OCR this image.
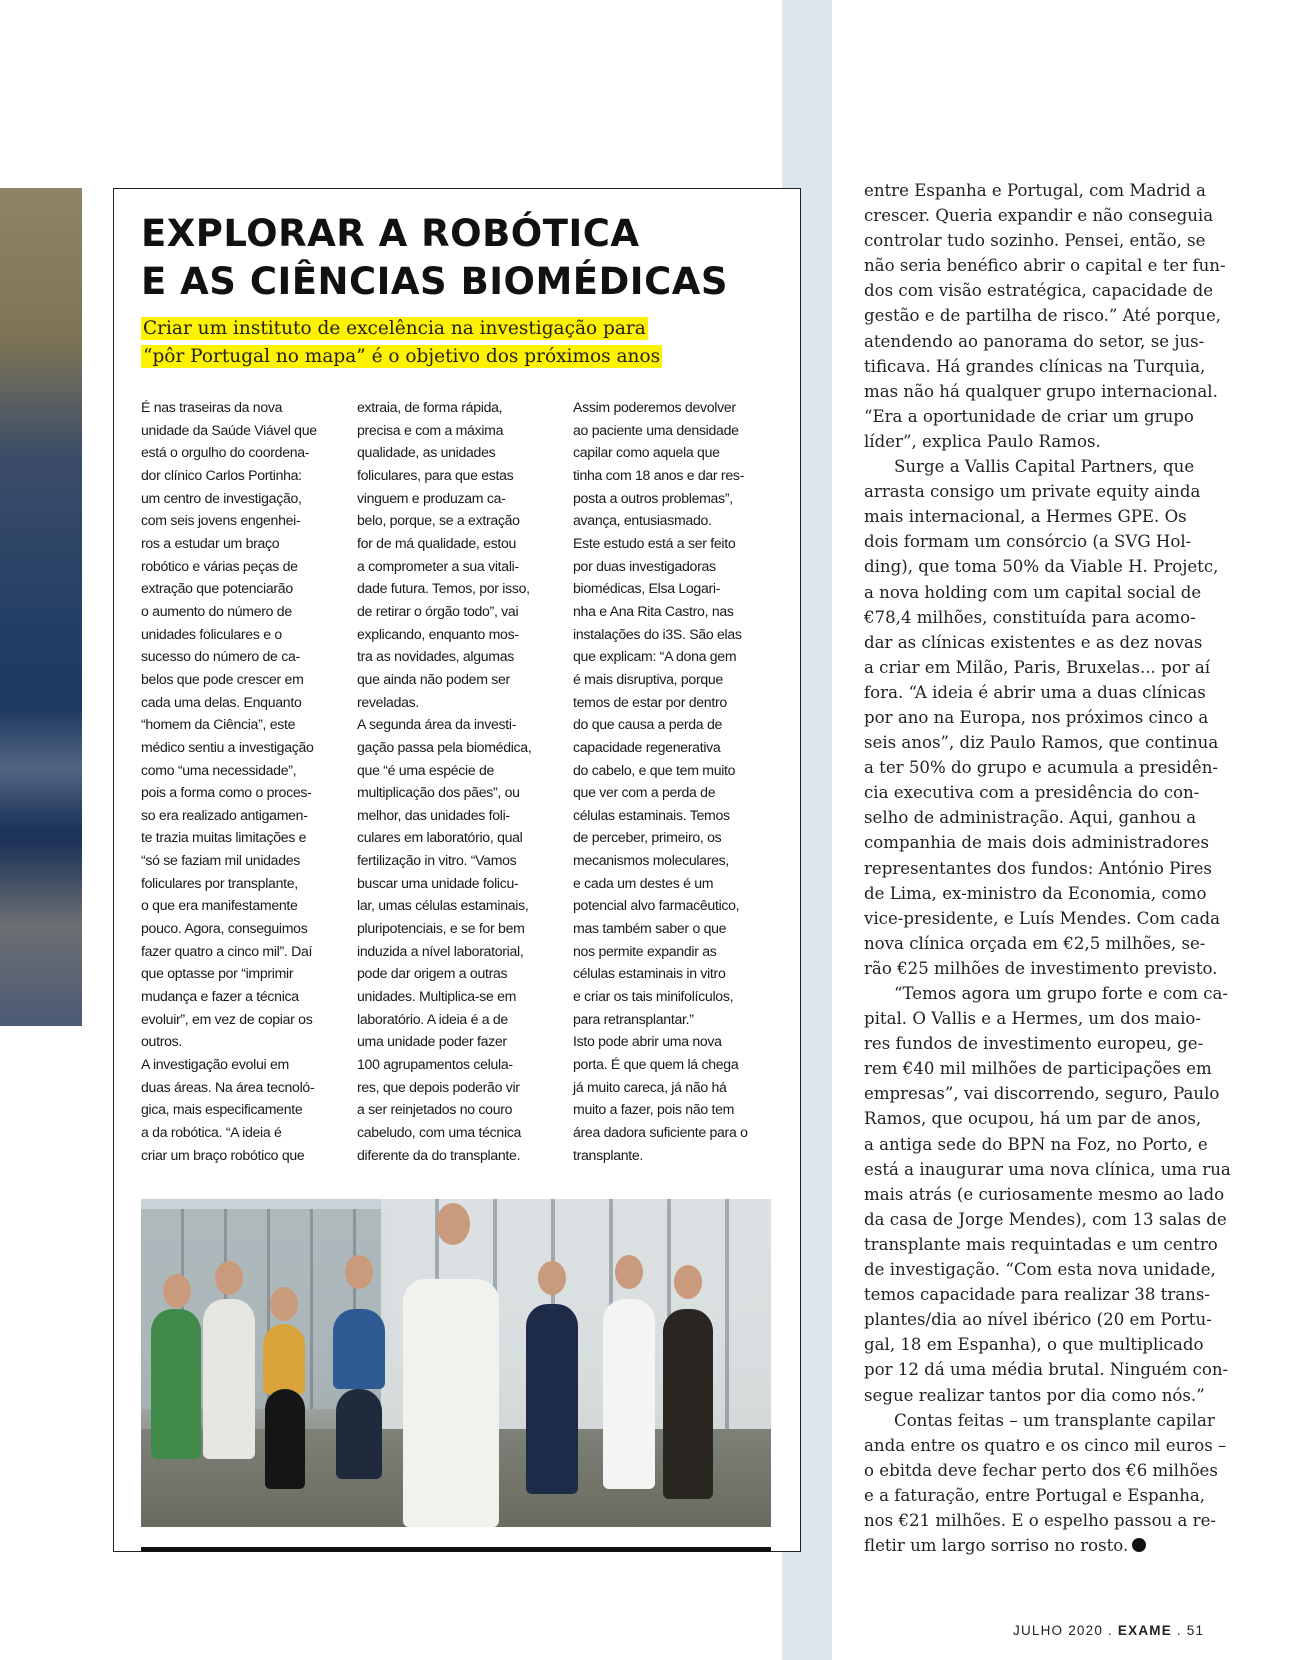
EXPLORAR A ROBÓTICA
E AS CIÊNCIAS BIOMÉDICAS
Criar um instituto de excelência na investigação para
“pôr Portugal no mapa” é o objetivo dos próximos anos
É nas traseiras da nova
unidade da Saúde Viável que
está o orgulho do coordena-
dor clínico Carlos Portinha:
um centro de investigação,
com seis jovens engenhei-
ros a estudar um braço
robótico e várias peças de
extração que potenciarão
o aumento do número de
unidades foliculares e o
sucesso do número de ca-
belos que pode crescer em
cada uma delas. Enquanto
“homem da Ciência”, este
médico sentiu a investigação
como “uma necessidade”,
pois a forma como o proces-
so era realizado antigamen-
te trazia muitas limitações e
“só se faziam mil unidades
foliculares por transplante,
o que era manifestamente
pouco. Agora, conseguimos
fazer quatro a cinco mil”. Daí
que optasse por “imprimir
mudança e fazer a técnica
evoluir”, em vez de copiar os
outros.
A investigação evolui em
duas áreas. Na área tecnoló-
gica, mais especificamente
a da robótica. “A ideia é
criar um braço robótico que
extraia, de forma rápida,
precisa e com a máxima
qualidade, as unidades
foliculares, para que estas
vinguem e produzam ca-
belo, porque, se a extração
for de má qualidade, estou
a comprometer a sua vitali-
dade futura. Temos, por isso,
de retirar o órgão todo”, vai
explicando, enquanto mos-
tra as novidades, algumas
que ainda não podem ser
reveladas.
A segunda área da investi-
gação passa pela biomédica,
que “é uma espécie de
multiplicação dos pães”, ou
melhor, das unidades foli-
culares em laboratório, qual
fertilização in vitro. “Vamos
buscar uma unidade folicu-
lar, umas células estaminais,
pluripotenciais, e se for bem
induzida a nível laboratorial,
pode dar origem a outras
unidades. Multiplica-se em
laboratório. A ideia é a de
uma unidade poder fazer
100 agrupamentos celula-
res, que depois poderão vir
a ser reinjetados no couro
cabeludo, com uma técnica
diferente da do transplante.
Assim poderemos devolver
ao paciente uma densidade
capilar como aquela que
tinha com 18 anos e dar res-
posta a outros problemas”,
avança, entusiasmado.
Este estudo está a ser feito
por duas investigadoras
biomédicas, Elsa Logari-
nha e Ana Rita Castro, nas
instalações do i3S. São elas
que explicam: “A dona gem
é mais disruptiva, porque
temos de estar por dentro
do que causa a perda de
capacidade regenerativa
do cabelo, e que tem muito
que ver com a perda de
células estaminais. Temos
de perceber, primeiro, os
mecanismos moleculares,
e cada um destes é um
potencial alvo farmacêutico,
mas também saber o que
nos permite expandir as
células estaminais in vitro
e criar os tais minifolículos,
para retransplantar.”
Isto pode abrir uma nova
porta. É que quem lá chega
já muito careca, já não há
muito a fazer, pois não tem
área dadora suficiente para o
transplante.
entre Espanha e Portugal, com Madrid a
crescer. Queria expandir e não conseguia
controlar tudo sozinho. Pensei, então, se
não seria benéfico abrir o capital e ter fun-
dos com visão estratégica, capacidade de
gestão e de partilha de risco.” Até porque,
atendendo ao panorama do setor, se jus-
tificava. Há grandes clínicas na Turquia,
mas não há qualquer grupo internacional.
“Era a oportunidade de criar um grupo
líder”, explica Paulo Ramos.
Surge a Vallis Capital Partners, que
arrasta consigo um private equity ainda
mais internacional, a Hermes GPE. Os
dois formam um consórcio (a SVG Hol-
ding), que toma 50% da Viable H. Projetc,
a nova holding com um capital social de
€78,4 milhões, constituída para acomo-
dar as clínicas existentes e as dez novas
a criar em Milão, Paris, Bruxelas... por aí
fora. “A ideia é abrir uma a duas clínicas
por ano na Europa, nos próximos cinco a
seis anos”, diz Paulo Ramos, que continua
a ter 50% do grupo e acumula a presidên-
cia executiva com a presidência do con-
selho de administração. Aqui, ganhou a
companhia de mais dois administradores
representantes dos fundos: António Pires
de Lima, ex-ministro da Economia, como
vice-presidente, e Luís Mendes. Com cada
nova clínica orçada em €2,5 milhões, se-
rão €25 milhões de investimento previsto.
“Temos agora um grupo forte e com ca-
pital. O Vallis e a Hermes, um dos maio-
res fundos de investimento europeu, ge-
rem €40 mil milhões de participações em
empresas”, vai discorrendo, seguro, Paulo
Ramos, que ocupou, há um par de anos,
a antiga sede do BPN na Foz, no Porto, e
está a inaugurar uma nova clínica, uma rua
mais atrás (e curiosamente mesmo ao lado
da casa de Jorge Mendes), com 13 salas de
transplante mais requintadas e um centro
de investigação. “Com esta nova unidade,
temos capacidade para realizar 38 trans-
plantes/dia ao nível ibérico (20 em Portu-
gal, 18 em Espanha), o que multiplicado
por 12 dá uma média brutal. Ninguém con-
segue realizar tantos por dia como nós.”
Contas feitas – um transplante capilar
anda entre os quatro e os cinco mil euros –
o ebitda deve fechar perto dos €6 milhões
e a faturação, entre Portugal e Espanha,
nos €21 milhões. E o espelho passou a re-
fletir um largo sorriso no rosto.
JULHO 2020 . EXAME . 51
